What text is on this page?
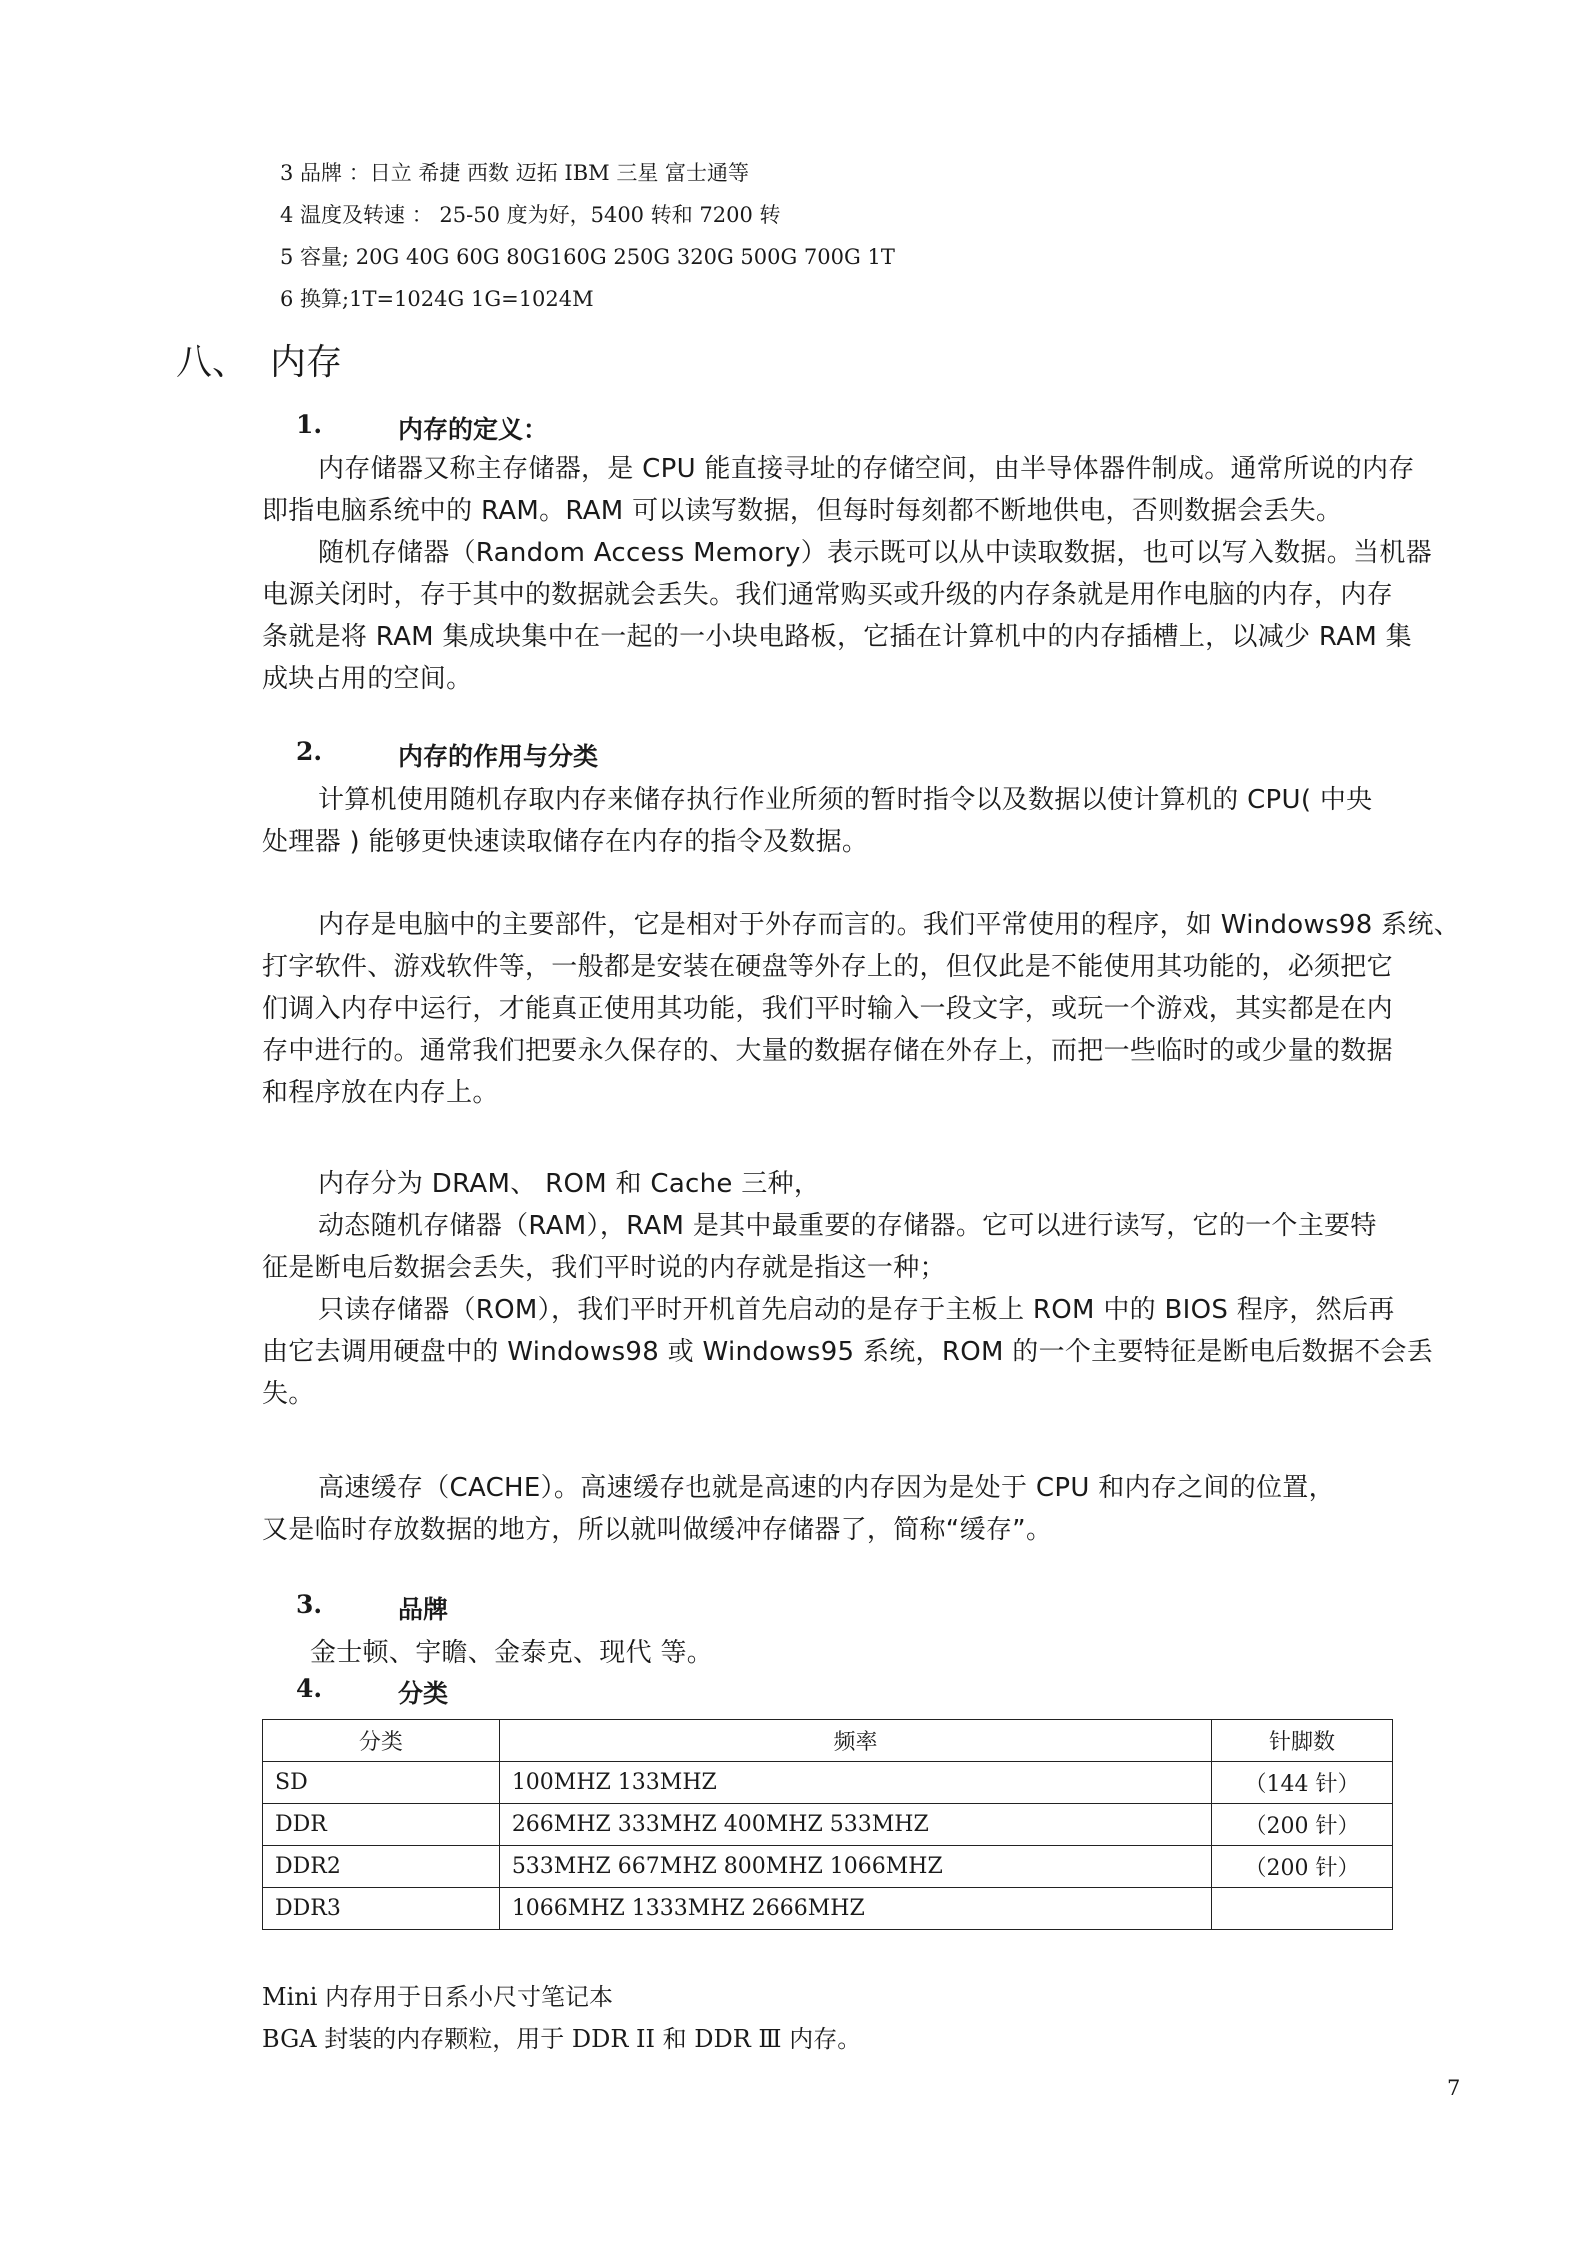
3 品牌 ：日立 希捷 西数 迈拓 IBM 三星 富士通等
4 温度及转速 ： 25-50 度为好，5400 转和 7200 转
5 容量; 20G 40G 60G 80G160G 250G 320G 500G 700G 1T
6 换算;1T=1024G 1G=1024M
八、 内存
1.	内存的定义：
内存储器又称主存储器，是 CPU 能直接寻址的存储空间，由半导体器件制成。通常所说的内存
即指电脑系统中的 RAM。RAM 可以读写数据，但每时每刻都不断地供电，否则数据会丢失。
随机存储器（Random Access Memory）表示既可以从中读取数据，也可以写入数据。当机器
电源关闭时，存于其中的数据就会丢失。我们通常购买或升级的内存条就是用作电脑的内存，内存
条就是将 RAM 集成块集中在一起的一小块电路板，它插在计算机中的内存插槽上，以减少 RAM 集
成块占用的空间。
2.	内存的作用与分类
计算机使用随机存取内存来储存执行作业所须的暂时指令以及数据以使计算机的 CPU( 中央
处理器 ) 能够更快速读取储存在内存的指令及数据。
内存是电脑中的主要部件，它是相对于外存而言的。我们平常使用的程序，如 Windows98 系统、
打字软件、游戏软件等，一般都是安装在硬盘等外存上的，但仅此是不能使用其功能的，必须把它
们调入内存中运行，才能真正使用其功能，我们平时输入一段文字，或玩一个游戏，其实都是在内
存中进行的。通常我们把要永久保存的、大量的数据存储在外存上，而把一些临时的或少量的数据
和程序放在内存上。
内存分为 DRAM、 ROM 和 Cache 三种，
动态随机存储器（RAM），RAM 是其中最重要的存储器。它可以进行读写，它的一个主要特
征是断电后数据会丢失，我们平时说的内存就是指这一种；
只读存储器（ROM），我们平时开机首先启动的是存于主板上 ROM 中的 BIOS 程序，然后再
由它去调用硬盘中的 Windows98 或 Windows95 系统，ROM 的一个主要特征是断电后数据不会丢
失。
高速缓存（CACHE）。高速缓存也就是高速的内存因为是处于 CPU 和内存之间的位置，
又是临时存放数据的地方，所以就叫做缓冲存储器了，简称“缓存”。
3.	品牌
金士顿、宇瞻、金泰克、现代 等。
4.	分类
分类	频率	针脚数
SD	100MHZ 133MHZ	（144 针）
DDR	266MHZ 333MHZ 400MHZ 533MHZ	（200 针）
DDR2	533MHZ 667MHZ 800MHZ 1066MHZ	（200 针）
DDR3	1066MHZ 1333MHZ 2666MHZ	
Mini 内存用于日系小尺寸笔记本
BGA 封装的内存颗粒，用于 DDR II 和 DDR Ⅲ 内存。
7
